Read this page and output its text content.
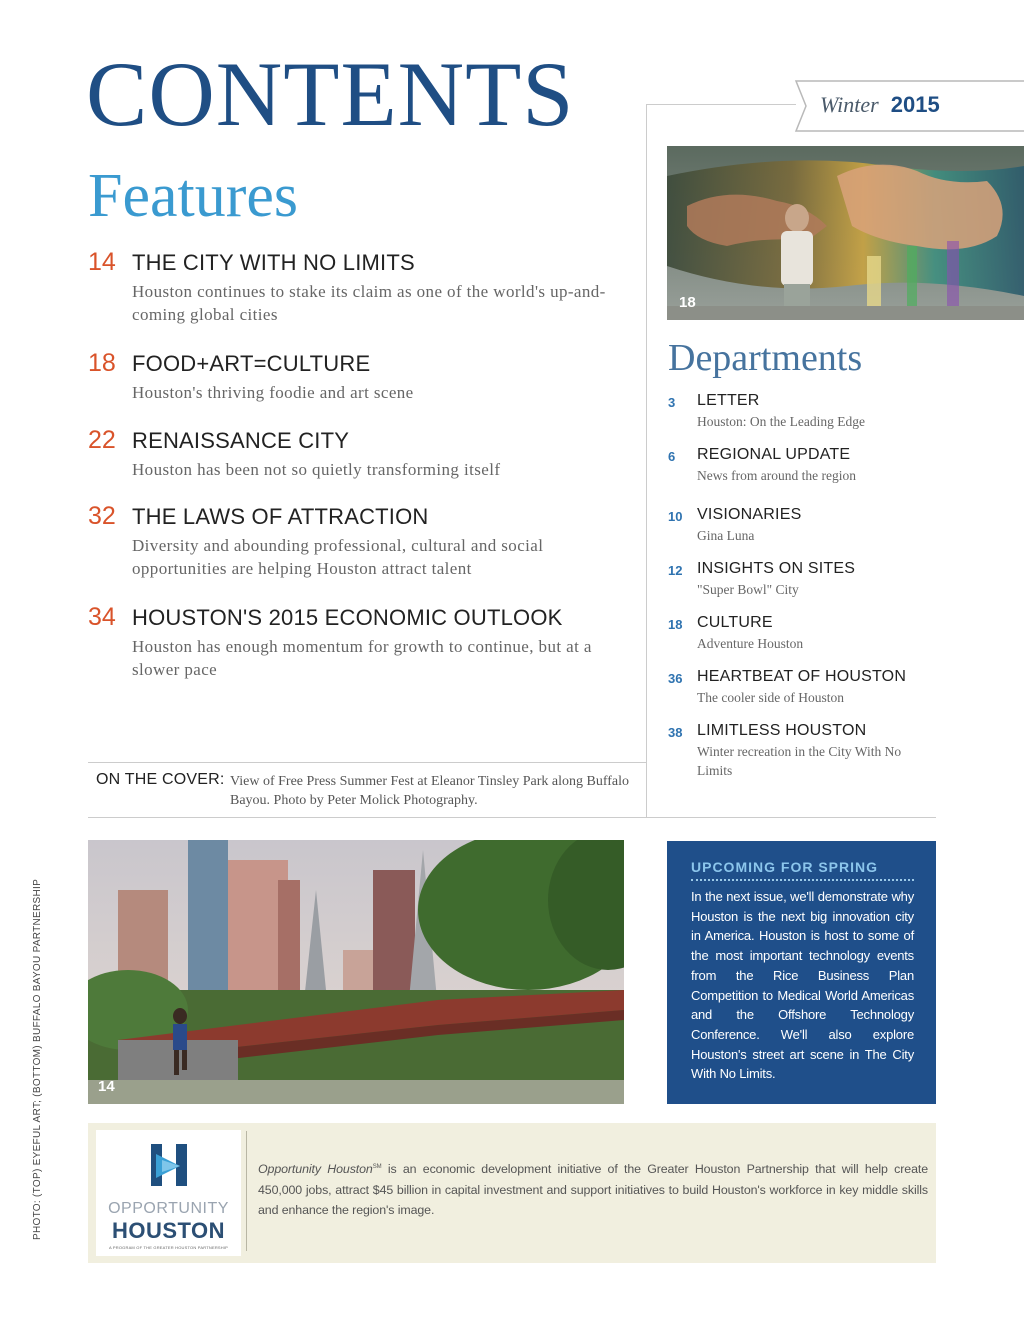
CONTENTS	Winter 2015
Features
14 THE CITY WITH NO LIMITS
Houston continues to stake its claim as one of the world's up-and-coming global cities
18 FOOD+ART=CULTURE
Houston's thriving foodie and art scene
22 RENAISSANCE CITY
Houston has been not so quietly transforming itself
32 THE LAWS OF ATTRACTION
Diversity and abounding professional, cultural and social opportunities are helping Houston attract talent
34 HOUSTON'S 2015 ECONOMIC OUTLOOK
Houston has enough momentum for growth to continue, but at a slower pace
ON THE COVER: View of Free Press Summer Fest at Eleanor Tinsley Park along Buffalo Bayou. Photo by Peter Molick Photography.
18
Departments
3 LETTER
Houston: On the Leading Edge
6 REGIONAL UPDATE
News from around the region
10 VISIONARIES
Gina Luna
12 INSIGHTS ON SITES
"Super Bowl" City
18 CULTURE
Adventure Houston
36 HEARTBEAT OF HOUSTON
The cooler side of Houston
38 LIMITLESS HOUSTON
Winter recreation in the City With No Limits
14
UPCOMING FOR SPRING
In the next issue, we'll demonstrate why Houston is the next big innovation city in America. Houston is host to some of the most important technology events from the Rice Business Plan Competition to Medical World Americas and the Offshore Technology Conference. We'll also explore Houston's street art scene in The City With No Limits.
OPPORTUNITY
HOUSTON
A PROGRAM OF THE GREATER HOUSTON PARTNERSHIP
Opportunity Houston℠ is an economic development initiative of the Greater Houston Partnership that will help create 450,000 jobs, attract $45 billion in capital investment and support initiatives to build Houston's workforce in key middle skills and enhance the region's image.
PHOTO: (TOP) EYEFUL ART; (BOTTOM) BUFFALO BAYOU PARTNERSHIP
